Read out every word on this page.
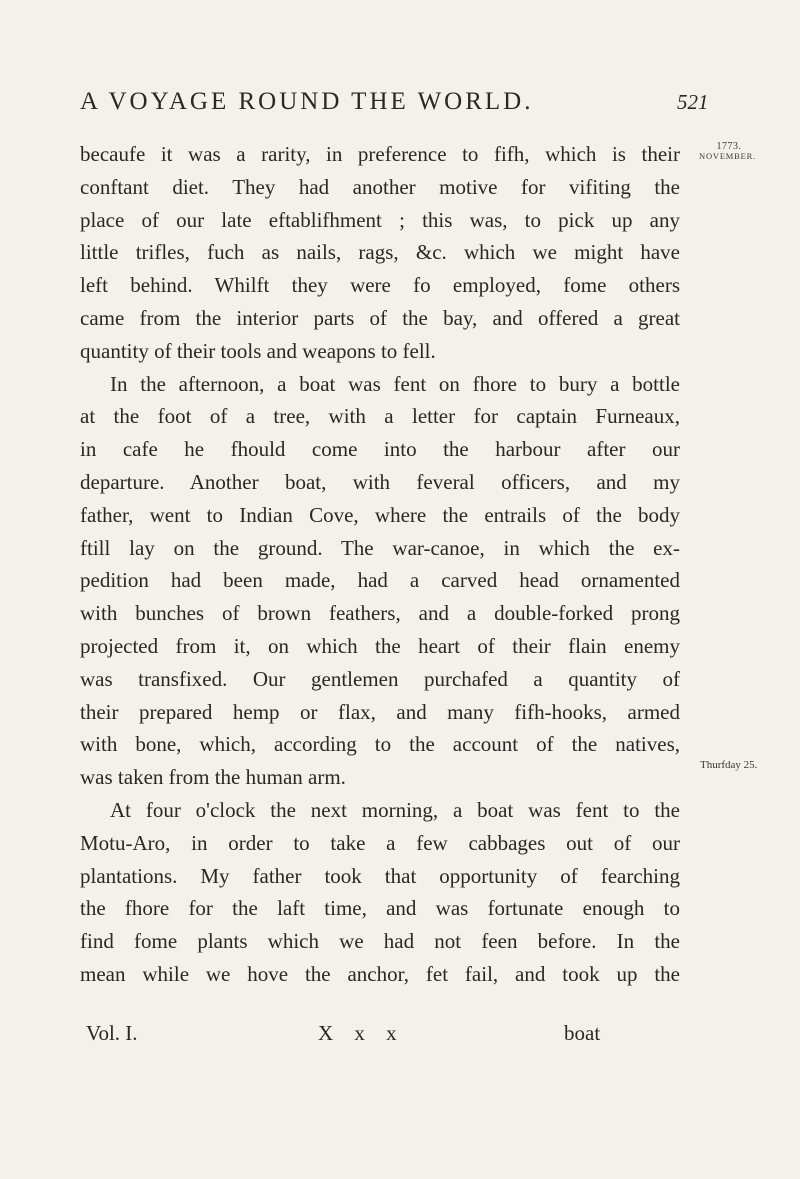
A VOYAGE ROUND THE WORLD.	521
1773.
NOVEMBER.
Thurfday 25.
becaufe it was a rarity, in preference to fifh, which is their
conftant diet. They had another motive for vifiting the
place of our late eftablifhment ; this was, to pick up any
little trifles, fuch as nails, rags, &c. which we might have
left behind. Whilft they were fo employed, fome others
came from the interior parts of the bay, and offered a great
quantity of their tools and weapons to fell.
In the afternoon, a boat was fent on fhore to bury a bottle
at the foot of a tree, with a letter for captain Furneaux,
in cafe he fhould come into the harbour after our
departure. Another boat, with feveral officers, and my
father, went to Indian Cove, where the entrails of the body
ftill lay on the ground. The war-canoe, in which the ex-
pedition had been made, had a carved head ornamented
with bunches of brown feathers, and a double-forked prong
projected from it, on which the heart of their flain enemy
was transfixed. Our gentlemen purchafed a quantity of
their prepared hemp or flax, and many fifh-hooks, armed
with bone, which, according to the account of the natives,
was taken from the human arm.
At four o'clock the next morning, a boat was fent to the
Motu-Aro, in order to take a few cabbages out of our
plantations. My father took that opportunity of fearching
the fhore for the laft time, and was fortunate enough to
find fome plants which we had not feen before. In the
mean while we hove the anchor, fet fail, and took up the
Vol. I.	X x x	boat
